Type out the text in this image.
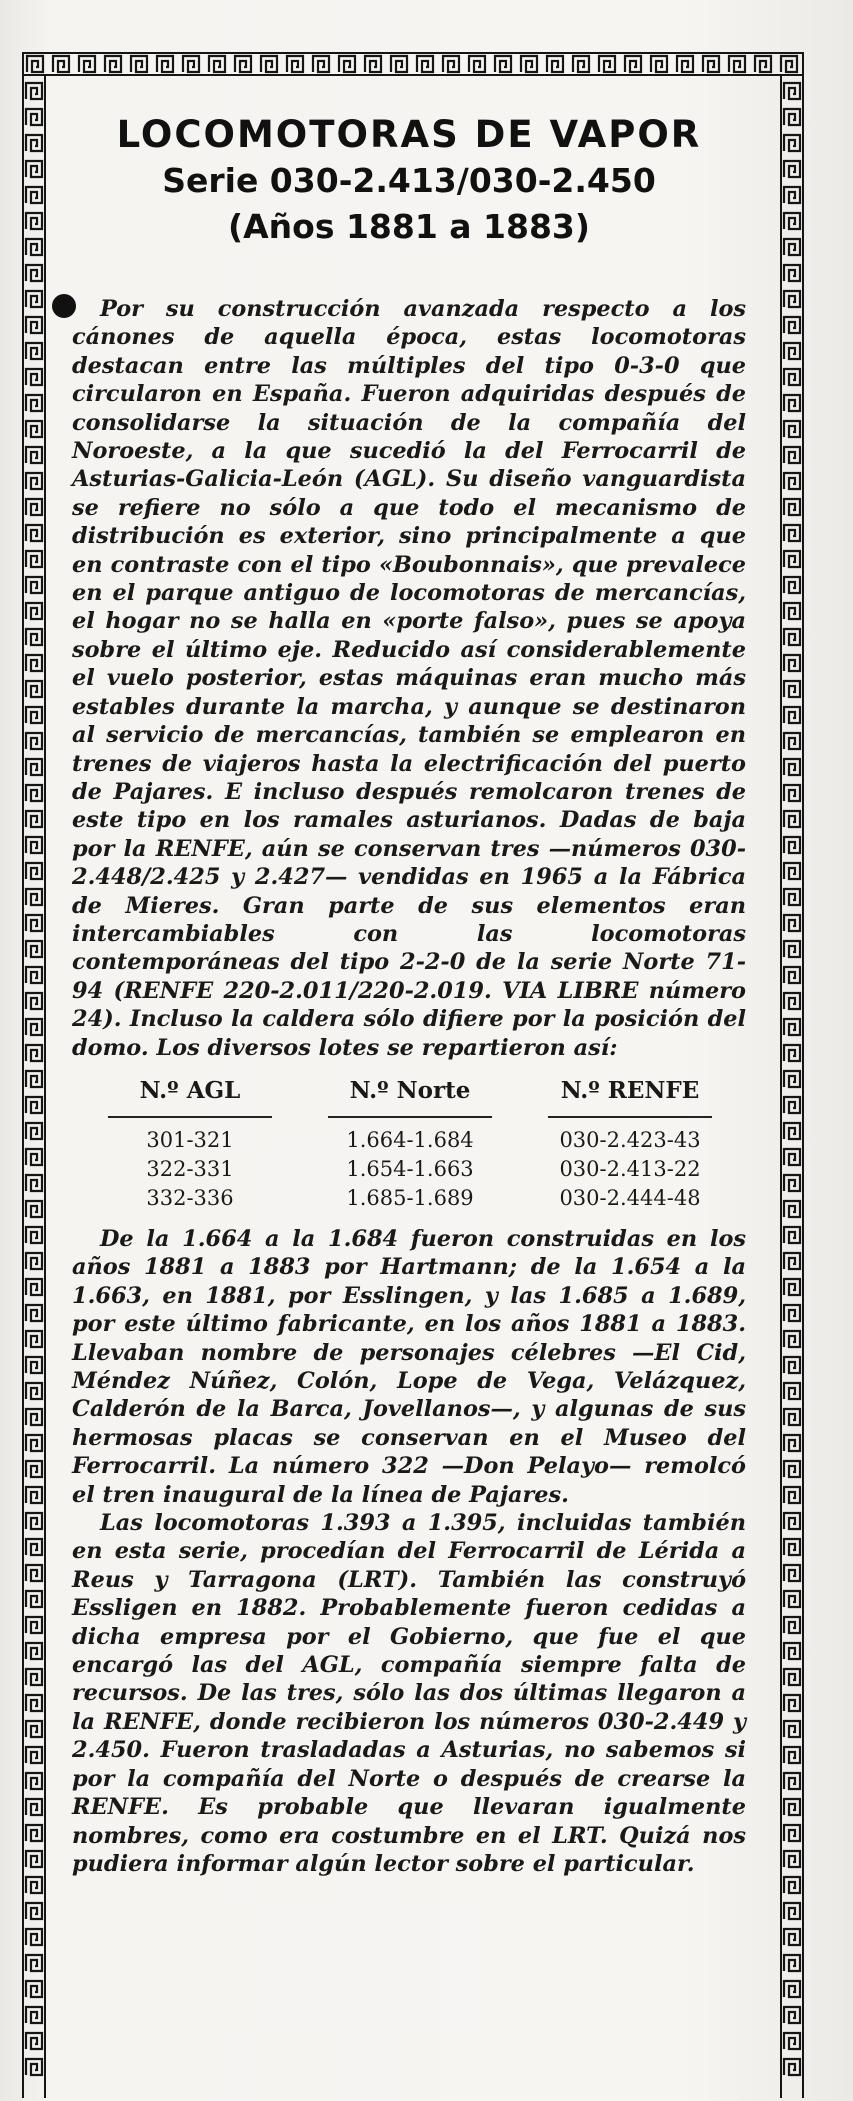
LOCOMOTORAS DE VAPOR
Serie 030-2.413/030-2.450
(Años 1881 a 1883)

Por su construcción avanzada respecto a los cánones de aquella época, estas locomotoras destacan entre las múltiples del tipo 0-3-0 que circularon en España. Fueron adquiridas después de consolidarse la situación de la compañía del Noroeste, a la que sucedió la del Ferrocarril de Asturias-Galicia-León (AGL). Su diseño vanguardista se refiere no sólo a que todo el mecanismo de distribución es exterior, sino principalmente a que en contraste con el tipo «Boubonnais», que prevalece en el parque antiguo de locomotoras de mercancías, el hogar no se halla en «porte falso», pues se apoya sobre el último eje. Reducido así considerablemente el vuelo posterior, estas máquinas eran mucho más estables durante la marcha, y aunque se destinaron al servicio de mercancías, también se emplearon en trenes de viajeros hasta la electrificación del puerto de Pajares. E incluso después remolcaron trenes de este tipo en los ramales asturianos. Dadas de baja por la RENFE, aún se conservan tres —números 030-2.448/2.425 y 2.427— vendidas en 1965 a la Fábrica de Mieres. Gran parte de sus elementos eran intercambiables con las locomotoras contemporáneas del tipo 2-2-0 de la serie Norte 71-94 (RENFE 220-2.011/220-2.019. VIA LIBRE número 24). Incluso la caldera sólo difiere por la posición del domo. Los diversos lotes se repartieron así:

N.º AGL
301-321
322-331
332-336
N.º Norte
1.664-1.684
1.654-1.663
1.685-1.689
N.º RENFE
030-2.423-43
030-2.413-22
030-2.444-48

De la 1.664 a la 1.684 fueron construidas en los años 1881 a 1883 por Hartmann; de la 1.654 a la 1.663, en 1881, por Esslingen, y las 1.685 a 1.689, por este último fabricante, en los años 1881 a 1883. Llevaban nombre de personajes célebres —El Cid, Méndez Núñez, Colón, Lope de Vega, Velázquez, Calderón de la Barca, Jovellanos—, y algunas de sus hermosas placas se conservan en el Museo del Ferrocarril. La número 322 —Don Pelayo— remolcó el tren inaugural de la línea de Pajares.

Las locomotoras 1.393 a 1.395, incluidas también en esta serie, procedían del Ferrocarril de Lérida a Reus y Tarragona (LRT). También las construyó Essligen en 1882. Probablemente fueron cedidas a dicha empresa por el Gobierno, que fue el que encargó las del AGL, compañía siempre falta de recursos. De las tres, sólo las dos últimas llegaron a la RENFE, donde recibieron los números 030-2.449 y 2.450. Fueron trasladadas a Asturias, no sabemos si por la compañía del Norte o después de crearse la RENFE. Es probable que llevaran igualmente nombres, como era costumbre en el LRT. Quizá nos pudiera informar algún lector sobre el particular.
